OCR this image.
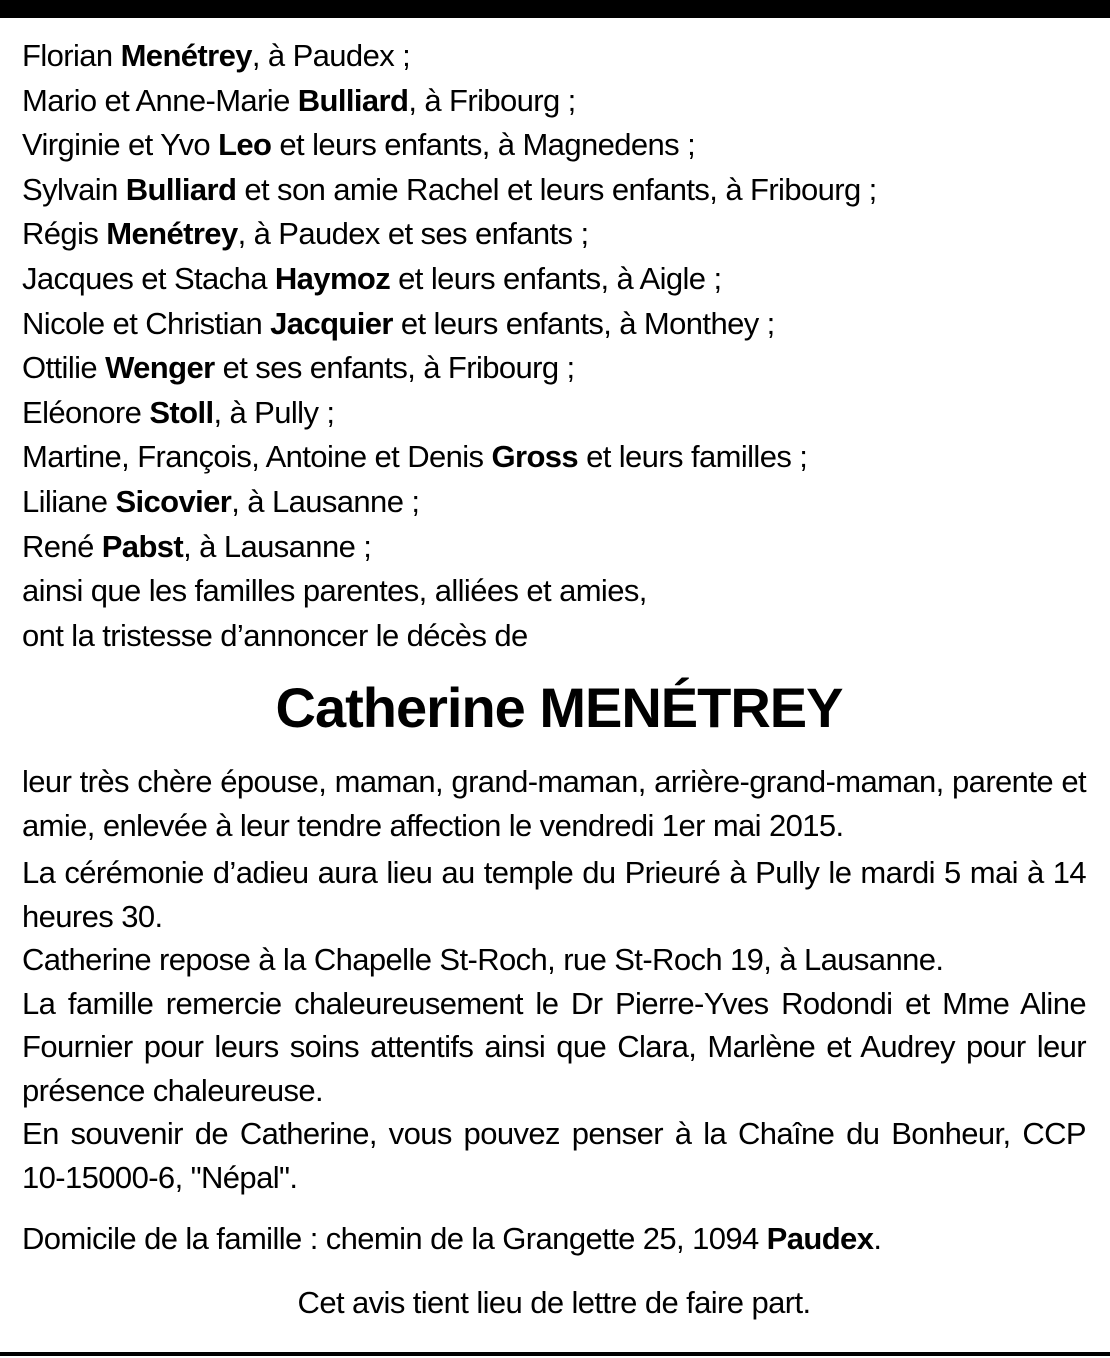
Florian Menétrey, à Paudex ;
Mario et Anne-Marie Bulliard, à Fribourg ;
Virginie et Yvo Leo et leurs enfants, à Magnedens ;
Sylvain Bulliard et son amie Rachel et leurs enfants, à Fribourg ;
Régis Menétrey, à Paudex et ses enfants ;
Jacques et Stacha Haymoz et leurs enfants, à Aigle ;
Nicole et Christian Jacquier et leurs enfants, à Monthey ;
Ottilie Wenger et ses enfants, à Fribourg ;
Eléonore Stoll, à Pully ;
Martine, François, Antoine et Denis Gross et leurs familles ;
Liliane Sicovier, à Lausanne ;
René Pabst, à Lausanne ;
ainsi que les familles parentes, alliées et amies,
ont la tristesse d’annoncer le décès de
Catherine MENÉTREY

leur très chère épouse, maman, grand-maman, arrière-grand-maman, parente et amie, enlevée à leur tendre affection le vendredi 1er mai 2015.

La cérémonie d’adieu aura lieu au temple du Prieuré à Pully le mardi 5 mai à 14 heures 30.

Catherine repose à la Chapelle St-Roch, rue St-Roch 19, à Lausanne.

La famille remercie chaleureusement le Dr Pierre-Yves Rodondi et Mme Aline Fournier pour leurs soins attentifs ainsi que Clara, Marlène et Audrey pour leur présence chaleureuse.

En souvenir de Catherine, vous pouvez penser à la Chaîne du Bonheur, CCP 10-15000-6, "Népal".

Domicile de la famille : chemin de la Grangette 25, 1094 Paudex.
Cet avis tient lieu de lettre de faire part.
